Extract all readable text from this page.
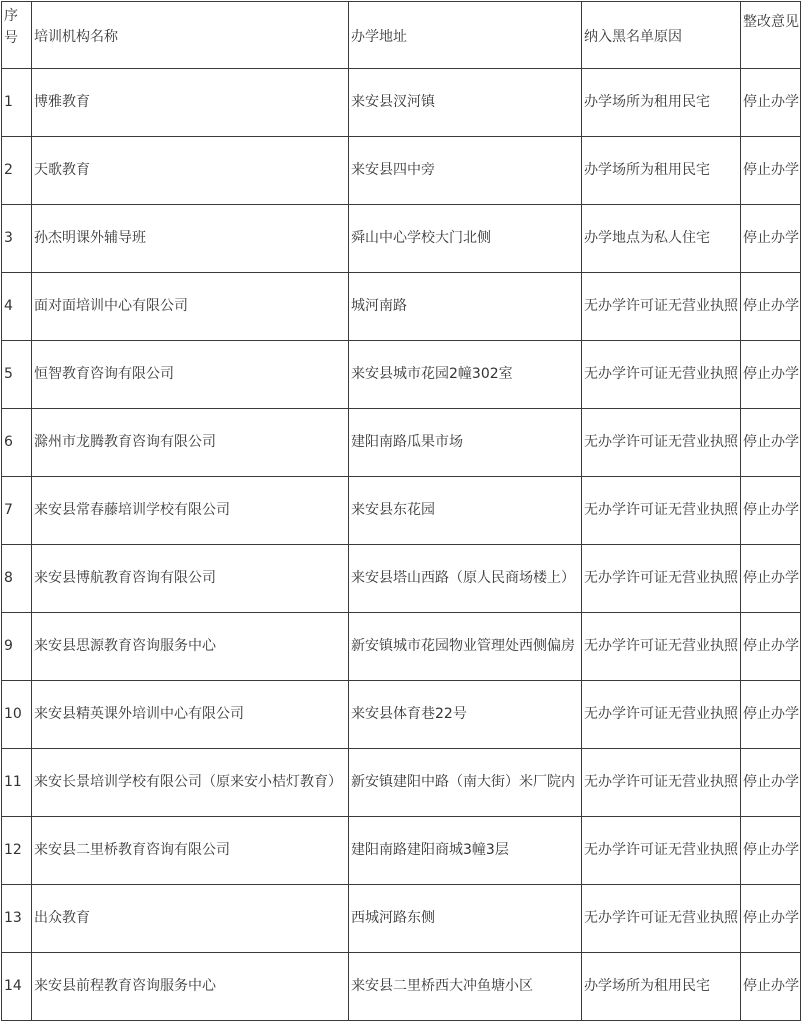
序号	培训机构名称	办学地址	纳入黑名单原因	整改意见
1	博雅教育	来安县汊河镇	办学场所为租用民宅	停止办学
2	天歌教育	来安县四中旁	办学场所为租用民宅	停止办学
3	孙杰明课外辅导班	舜山中心学校大门北侧	办学地点为私人住宅	停止办学
4	面对面培训中心有限公司	城河南路	无办学许可证无营业执照	停止办学
5	恒智教育咨询有限公司	来安县城市花园2幢302室	无办学许可证无营业执照	停止办学
6	滁州市龙腾教育咨询有限公司	建阳南路瓜果市场	无办学许可证无营业执照	停止办学
7	来安县常春藤培训学校有限公司	来安县东花园	无办学许可证无营业执照	停止办学
8	来安县博航教育咨询有限公司	来安县塔山西路（原人民商场楼上）	无办学许可证无营业执照	停止办学
9	来安县思源教育咨询服务中心	新安镇城市花园物业管理处西侧偏房	无办学许可证无营业执照	停止办学
10	来安县精英课外培训中心有限公司	来安县体育巷22号	无办学许可证无营业执照	停止办学
11	来安长景培训学校有限公司（原来安小桔灯教育）	新安镇建阳中路（南大街）米厂院内	无办学许可证无营业执照	停止办学
12	来安县二里桥教育咨询有限公司	建阳南路建阳商城3幢3层	无办学许可证无营业执照	停止办学
13	出众教育	西城河路东侧	无办学许可证无营业执照	停止办学
14	来安县前程教育咨询服务中心	来安县二里桥西大冲鱼塘小区	办学场所为租用民宅	停止办学
